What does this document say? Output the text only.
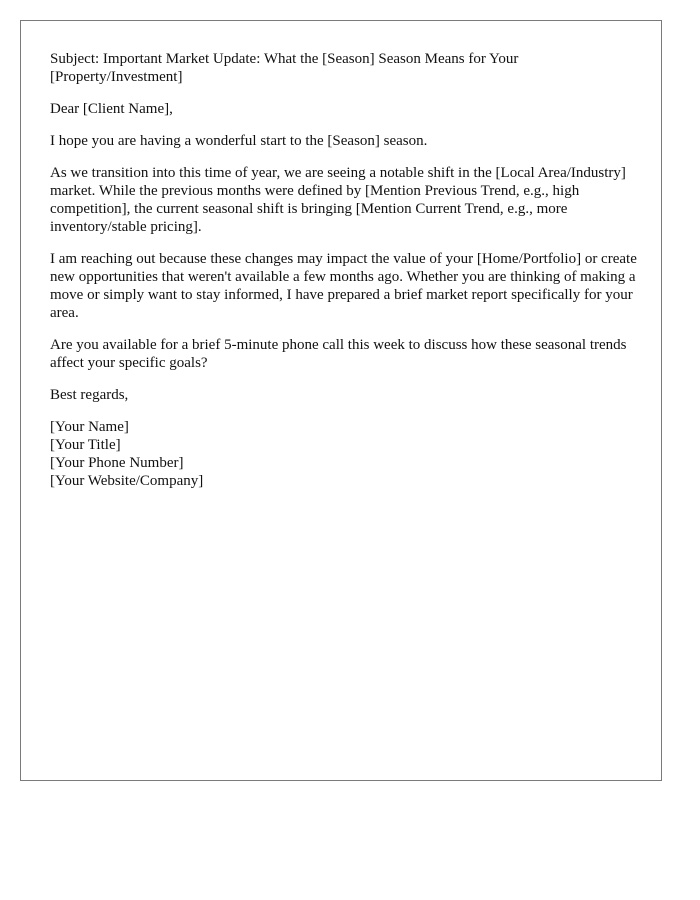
Subject: Important Market Update: What the [Season] Season Means for Your [Property/Investment]

Dear [Client Name],

I hope you are having a wonderful start to the [Season] season.

As we transition into this time of year, we are seeing a notable shift in the [Local Area/Industry] market. While the previous months were defined by [Mention Previous Trend, e.g., high competition], the current seasonal shift is bringing [Mention Current Trend, e.g., more inventory/stable pricing].

I am reaching out because these changes may impact the value of your [Home/Portfolio] or create new opportunities that weren't available a few months ago. Whether you are thinking of making a move or simply want to stay informed, I have prepared a brief market report specifically for your area.

Are you available for a brief 5-minute phone call this week to discuss how these seasonal trends affect your specific goals?

Best regards,

[Your Name]
[Your Title]
[Your Phone Number]
[Your Website/Company]
